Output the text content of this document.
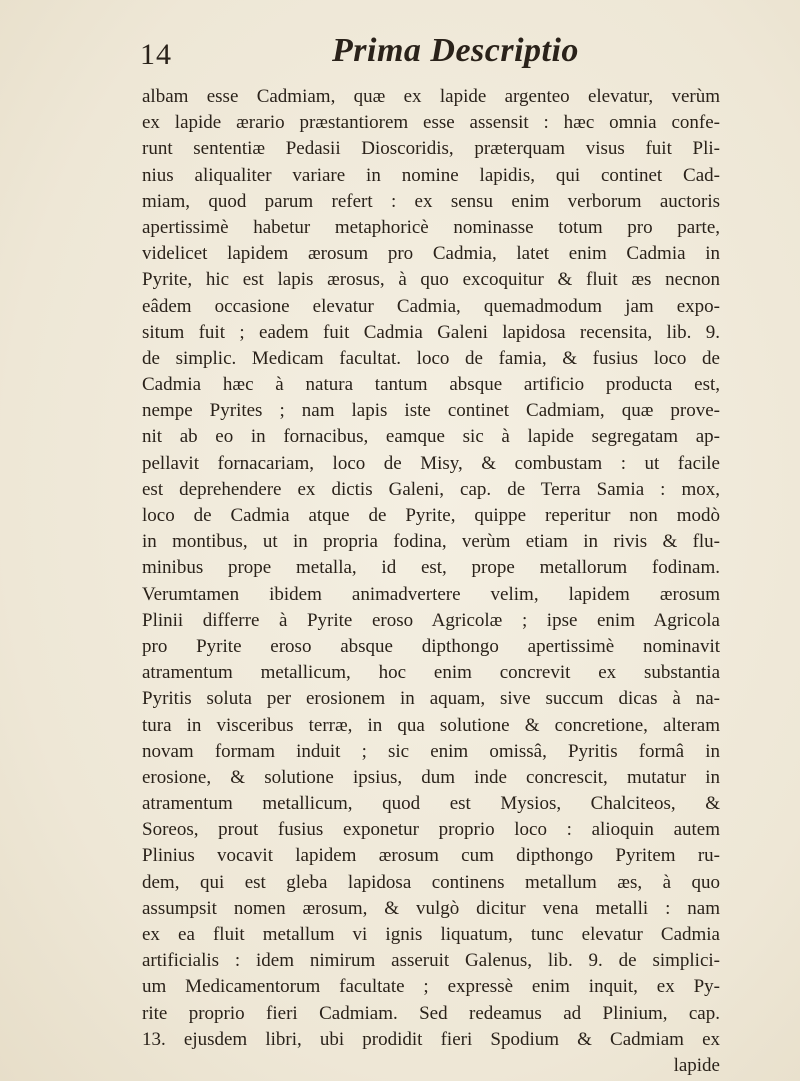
14	Prima Descriptio
albam esse Cadmiam, quæ ex lapide argenteo elevatur, verùm
ex lapide ærario præstantiorem esse assensit : hæc omnia confe-
runt sententiæ Pedasii Dioscoridis, præterquam visus fuit Pli-
nius aliqualiter variare in nomine lapidis, qui continet Cad-
miam, quod parum refert : ex sensu enim verborum auctoris
apertissimè habetur metaphoricè nominasse totum pro parte,
videlicet lapidem ærosum pro Cadmia, latet enim Cadmia in
Pyrite, hic est lapis ærosus, à quo excoquitur & fluit æs necnon
eâdem occasione elevatur Cadmia, quemadmodum jam expo-
situm fuit ; eadem fuit Cadmia Galeni lapidosa recensita, lib. 9.
de simplic. Medicam facultat. loco de famia, & fusius loco de
Cadmia hæc à natura tantum absque artificio producta est,
nempe Pyrites ; nam lapis iste continet Cadmiam, quæ prove-
nit ab eo in fornacibus, eamque sic à lapide segregatam ap-
pellavit fornacariam, loco de Misy, & combustam : ut facile
est deprehendere ex dictis Galeni, cap. de Terra Samia : mox,
loco de Cadmia atque de Pyrite, quippe reperitur non modò
in montibus, ut in propria fodina, verùm etiam in rivis & flu-
minibus prope metalla, id est, prope metallorum fodinam.
Verumtamen ibidem animadvertere velim, lapidem ærosum
Plinii differre à Pyrite eroso Agricolæ ; ipse enim Agricola
pro Pyrite eroso absque dipthongo apertissimè nominavit
atramentum metallicum, hoc enim concrevit ex substantia
Pyritis soluta per erosionem in aquam, sive succum dicas à na-
tura in visceribus terræ, in qua solutione & concretione, alteram
novam formam induit ; sic enim omissâ, Pyritis formâ in
erosione, & solutione ipsius, dum inde concrescit, mutatur in
atramentum metallicum, quod est Mysios, Chalciteos, &
Soreos, prout fusius exponetur proprio loco : alioquin autem
Plinius vocavit lapidem ærosum cum dipthongo Pyritem ru-
dem, qui est gleba lapidosa continens metallum æs, à quo
assumpsit nomen ærosum, & vulgò dicitur vena metalli : nam
ex ea fluit metallum vi ignis liquatum, tunc elevatur Cadmia
artificialis : idem nimirum asseruit Galenus, lib. 9. de simplici-
um Medicamentorum facultate ; expressè enim inquit, ex Py-
rite proprio fieri Cadmiam. Sed redeamus ad Plinium, cap.
13. ejusdem libri, ubi prodidit fieri Spodium & Cadmiam ex
lapide
